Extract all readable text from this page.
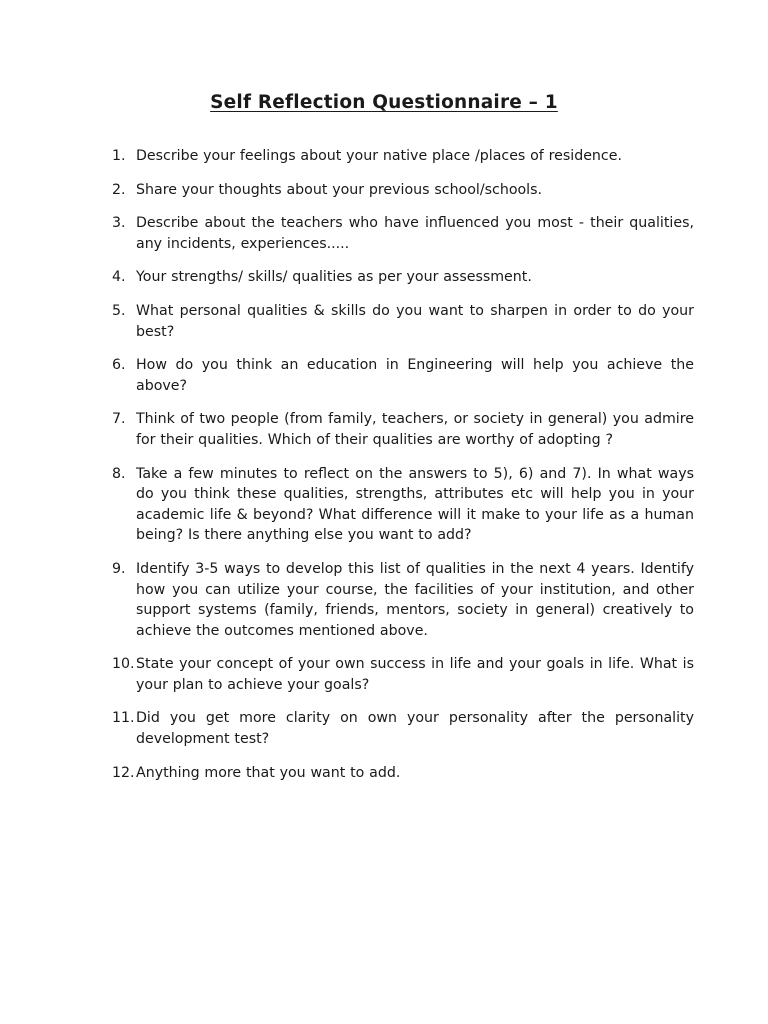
Self Reflection Questionnaire – 1
1. Describe your feelings about your native place /places of residence.
2. Share your thoughts about your previous school/schools.
3. Describe about the teachers who have influenced you most - their qualities, any incidents, experiences.....
4. Your strengths/ skills/ qualities as per your assessment.
5. What personal qualities & skills do you want to sharpen in order to do your best?
6. How do you think an education in Engineering will help you achieve the above?
7. Think of two people (from family, teachers, or society in general) you admire for their qualities. Which of their qualities are worthy of adopting ?
8. Take a few minutes to reflect on the answers to 5), 6) and 7). In what ways do you think these qualities, strengths, attributes etc will help you in your academic life & beyond? What difference will it make to your life as a human being? Is there anything else you want to add?
9. Identify 3-5 ways to develop this list of qualities in the next 4 years. Identify how you can utilize your course, the facilities of your institution, and other support systems (family, friends, mentors, society in general) creatively to achieve the outcomes mentioned above.
10. State your concept of your own success in life and your goals in life. What is your plan to achieve your goals?
11. Did you get more clarity on own your personality after the personality development test?
12. Anything more that you want to add.
